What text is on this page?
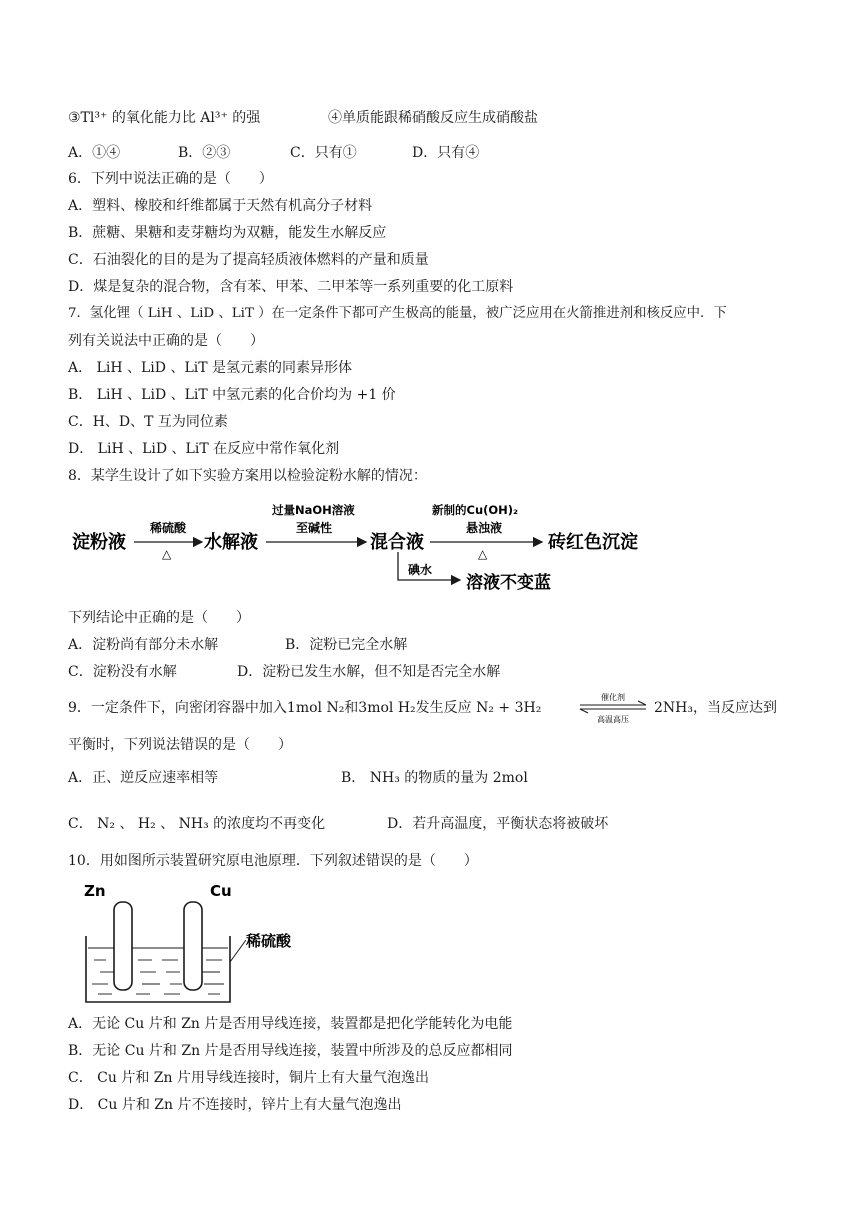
③Tl³⁺ 的氧化能力比 Al³⁺ 的强	④单质能跟稀硝酸反应生成硝酸盐
A．①④	B．②③	C．只有①	D．只有④
6．下列中说法正确的是（　　）
A．塑料、橡胶和纤维都属于天然有机高分子材料
B．蔗糖、果糖和麦芽糖均为双糖，能发生水解反应
C．石油裂化的目的是为了提高轻质液体燃料的产量和质量
D．煤是复杂的混合物，含有苯、甲苯、二甲苯等一系列重要的化工原料
7．氢化锂（ LiH 、LiD 、LiT ）在一定条件下都可产生极高的能量，被广泛应用在火箭推进剂和核反应中．下
列有关说法中正确的是（　　）
A． LiH 、LiD 、LiT 是氢元素的同素异形体
B． LiH 、LiD 、LiT 中氢元素的化合价均为 +1 价
C．H、D、T 互为同位素
D． LiH 、LiD 、LiT 在反应中常作氧化剂
8．某学生设计了如下实验方案用以检验淀粉水解的情况：
淀粉液	水解液	混合液	砖红色沉淀
稀硫酸
△
过量NaOH溶液
至碱性
新制的Cu(OH)₂
悬浊液
△
碘水
溶液不变蓝
下列结论中正确的是（　　）
A．淀粉尚有部分未水解	B．淀粉已完全水解
C．淀粉没有水解	D．淀粉已发生水解，但不知是否完全水解
9．一定条件下，向密闭容器中加入1mol N₂和3mol H₂发生反应 N₂ + 3H₂
催化剂
高温高压
2NH₃，当反应达到
平衡时，下列说法错误的是（　　）
A．正、逆反应速率相等	B． NH₃ 的物质的量为 2mol
C． N₂ 、 H₂ 、 NH₃ 的浓度均不再变化	D．若升高温度，平衡状态将被破坏
10．用如图所示装置研究原电池原理．下列叙述错误的是（　　）
Zn	Cu
稀硫酸
A．无论 Cu 片和 Zn 片是否用导线连接，装置都是把化学能转化为电能
B．无论 Cu 片和 Zn 片是否用导线连接，装置中所涉及的总反应都相同
C． Cu 片和 Zn 片用导线连接时，铜片上有大量气泡逸出
D． Cu 片和 Zn 片不连接时，锌片上有大量气泡逸出
